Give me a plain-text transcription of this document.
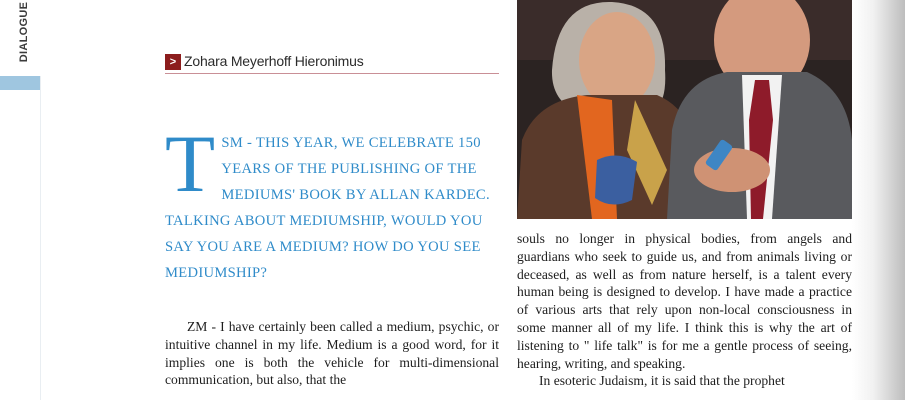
DIALOGUE	> Zohara Meyerhoff Hieronimus
T SM - THIS YEAR, WE CELEBRATE 150 YEARS OF THE PUBLISHING OF THE MEDIUMS' BOOK BY ALLAN KARDEC. TALKING ABOUT MEDIUMSHIP, WOULD YOU SAY YOU ARE A MEDIUM? HOW DO YOU SEE MEDIUMSHIP?

ZM - I have certainly been called a medium, psychic, or intuitive channel in my life. Medium is a good word, for it implies one is both the vehicle for multi-dimensional communication, but also, that the

souls no longer in physical bodies, from angels and guardians who seek to guide us, and from animals living or deceased, as well as from nature herself, is a talent every human being is designed to develop. I have made a practice of various arts that rely upon non-local consciousness in some manner all of my life. I think this is why the art of listening to " life talk" is for me a gentle process of seeing, hearing, writing, and speaking.

In esoteric Judaism, it is said that the prophet
